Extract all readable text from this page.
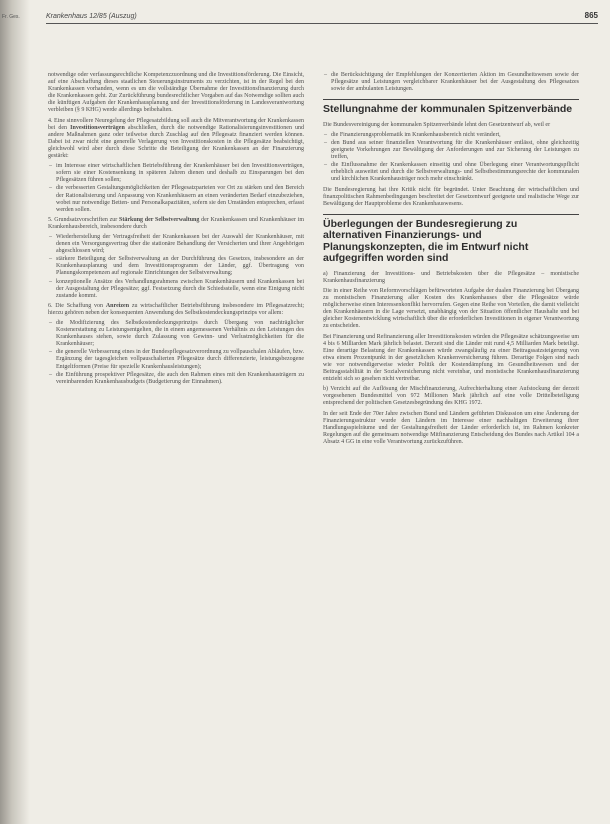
Fr. Ges.	Krankenhaus 12/85 (Auszug)	865

notwendige oder verfassungsrechtliche Kompetenzzuordnung und die Investitionsförderung. Die Einsicht, auf eine Abschaffung dieses staatlichen Steuerungsinstruments zu verzichten, ist in der Regel bei den Krankenkassen vorhanden, wenn es um die vollständige Übernahme der Investitionsfinanzierung durch die Krankenkassen geht. Zur Zurückführung bundesrechtlicher Vorgaben auf das Notwendige sollten auch die künftigen Aufgaben der Krankenhausplanung und der Investitionsförderung in Landesverantwortung verbleiben (§ 9 KHG) werde allerdings beibehalten.

4. Eine sinnvollere Neuregelung der Pflegesatzbildung soll auch die Mitverantwortung der Krankenkassen bei den Investitionsverträgen abschließen, durch die notwendige Rationalisierungsinvestitionen und andere Maßnahmen ganz oder teilweise durch Zuschlag auf den Pflegesatz finanziert werden können. Dabei ist zwar nicht eine generelle Verlagerung von Investitionskosten in die Pflegesätze beabsichtigt, gleichwohl wird aber durch diese Schritte die Beteiligung der Krankenkassen an der Finanzierung gestärkt:

– im Interesse einer wirtschaftlichen Betriebsführung der Krankenhäuser bei den Investitionsverträgen, sofern sie einer Kostensenkung in späteren Jahren dienen und deshalb zu Einsparungen bei den Pflegesätzen führen sollen;
– die verbesserten Gestaltungsmöglichkeiten der Pflegesatzparteien vor Ort zu stärken und den Bereich der Rationalisierung und Anpassung von Krankenhäusern an einen veränderten Bedarf einzubeziehen, wobei nur notwendige Betten- und Personalkapazitäten, sofern sie den Umständen entsprechen, erfasst werden sollen.

5. Grundsatzvorschriften zur Stärkung der Selbstverwaltung der Krankenkassen und Krankenhäuser im Krankenhausbereich, insbesondere durch

– Wiederherstellung der Vertragsfreiheit der Krankenkassen bei der Auswahl der Krankenhäuser, mit denen ein Versorgungsvertrag über die stationäre Behandlung der Versicherten und ihrer Angehörigen abgeschlossen wird;
– stärkere Beteiligung der Selbstverwaltung an der Durchführung des Gesetzes, insbesondere an der Krankenhausplanung und dem Investitionsprogramm der Länder, ggf. Übertragung von Planungskompetenzen auf regionale Einrichtungen der Selbstverwaltung;
– konzeptionelle Ansätze des Verhandlungsrahmens zwischen Krankenhäusern und Krankenkassen bei der Ausgestaltung der Pflegesätze; ggf. Festsetzung durch die Schiedsstelle, wenn eine Einigung nicht zustande kommt.

6. Die Schaffung von Anreizen zu wirtschaftlicher Betriebsführung insbesondere im Pflegesatzrecht; hierzu gehören neben der konsequenten Anwendung des Selbstkostendeckungsprinzips vor allem:

– die Modifizierung des Selbstkostendeckungsprinzips durch Übergang von nachträglicher Kostenerstattung zu Leistungsentgelten, die in einem angemessenen Verhältnis zu den Leistungen des Krankenhauses stehen, sowie durch Zulassung von Gewinn- und Verlustmöglichkeiten für die Krankenhäuser;
– die generelle Verbesserung eines in der Bundespflegesatzverordnung zu vollpauschalen Abläufen, bzw. Ergänzung der tagesgleichen vollpauschalierten Pflegesätze durch differenzierte, leistungsbezogene Entgeltformen (Preise für spezielle Krankenhausleistungen);
– die Einführung prospektiver Pflegesätze, die auch den Rahmen eines mit den Krankenhausträgern zu vereinbarenden Krankenhausbudgets (Budgetierung der Einnahmen).
– die Berücksichtigung der Empfehlungen der Konzertierten Aktion im Gesundheitswesen sowie der Pflegesätze und Leistungen vergleichbarer Krankenhäuser bei der Ausgestaltung des Pflegesatzes sowie der ambulanten Leistungen.
Stellungnahme der kommunalen Spitzenverbände

Die Bundesvereinigung der kommunalen Spitzenverbände lehnt den Gesetzentwurf ab, weil er

– die Finanzierungsproblematik im Krankenhausbereich nicht verändert,
– den Bund aus seiner finanziellen Verantwortung für die Krankenhäuser entlässt, ohne gleichzeitig geeignete Vorkehrungen zur Bewältigung der Anforderungen und zur Sicherung der Leistungen zu treffen,
– die Einflussnahme der Krankenkassen einseitig und ohne Überlegung einer Verantwortungspflicht erheblich ausweitet und durch die Selbstverwaltungs- und Selbstbestimmungsrechte der kommunalen und kirchlichen Krankenhausträger noch mehr einschränkt.

Die Bundesregierung hat ihre Kritik nicht für begründet. Unter Beachtung der wirtschaftlichen und finanzpolitischen Rahmenbedingungen beschreitet der Gesetzentwurf geeignete und realistische Wege zur Bewältigung der Hauptprobleme des Krankenhauswesens.

Überlegungen der Bundesregierung zu alternativen Finanzierungs- und Planungskonzepten, die im Entwurf nicht aufgegriffen worden sind

a) Finanzierung der Investitions- und Betriebskosten über die Pflegesätze – monistische Krankenhausfinanzierung

Die in einer Reihe von Reformvorschlägen befürworteten Aufgabe der dualen Finanzierung bei Übergang zu monistischen Finanzierung aller Kosten des Krankenhauses über die Pflegesätze würde möglicherweise einen Interessenkonflikt hervorrufen. Gegen eine Reihe von Vorteilen, die damit vielleicht den Krankenhäusern in die Lage versetzt, unabhängig von der Situation öffentlicher Haushalte und bei gleicher Kostenentwicklung wirtschaftlich über die erforderlichen Investitionen in eigener Verantwortung zu entscheiden.

Bei Finanzierung und Refinanzierung aller Investitionskosten würden die Pflegesätze schätzungsweise um 4 bis 6 Milliarden Mark jährlich belastet. Derzeit sind die Länder mit rund 4,5 Milliarden Mark beteiligt. Eine derartige Belastung der Krankenkassen würde zwangsläufig zu einer Beitragssatzsteigerung von etwa einem Prozentpunkt in der gesetzlichen Krankenversicherung führen. Derartige Folgen sind nach wie vor notwendigerweise wieder Politik der Kostendämpfung im Gesundheitswesen und der Beitragsstabilität in der Sozialversicherung nicht vereinbar, und monistische Krankenhausfinanzierung entzieht sich so gesehen nicht vertretbar.

b) Verzicht auf die Auflösung der Mischfinanzierung, Aufrechterhaltung einer Aufstockung der derzeit vorgesehenen Bundesmittel von 972 Millionen Mark jährlich auf eine volle Drittelbeteiligung entsprechend der politischen Gesetzesbegründung des KHG 1972.

In der seit Ende der 70er Jahre zwischen Bund und Ländern geführten Diskussion um eine Änderung der Finanzierungsstruktur wurde den Ländern im Interesse einer nachhaltigen Erweiterung ihrer Handlungsspielräume und der Gestaltungsfreiheit der Länder erforderlich ist, im Rahmen konkreter Regelungen auf die gemeinsam notwendige Mitfinanzierung Entscheidung des Bundes nach Artikel 104 a Absatz 4 GG in eine volle Verantwortung zurückzuführen.
